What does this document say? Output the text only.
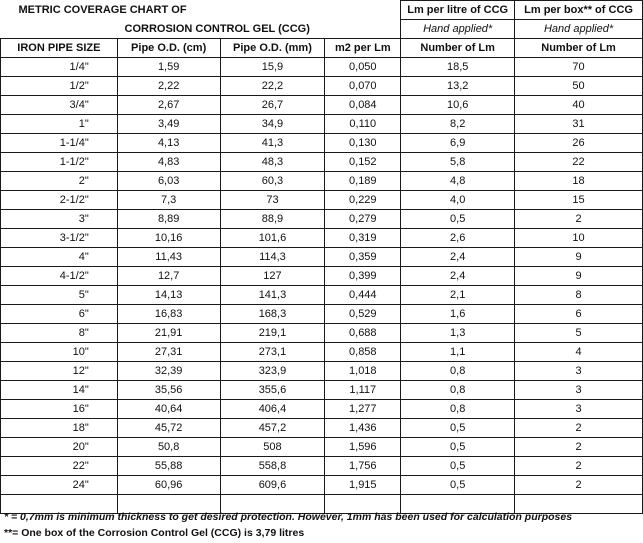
METRIC COVERAGE CHART OF				Lm per litre of CCG	Lm per box** of CCG
CORROSION CONTROL GEL (CCG)				Hand applied*	Hand applied*
IRON PIPE SIZE	Pipe O.D. (cm)	Pipe O.D. (mm)	m2 per Lm	Number of Lm	Number of Lm
1/4"	1,59	15,9	0,050	18,5	70
1/2"	2,22	22,2	0,070	13,2	50
3/4"	2,67	26,7	0,084	10,6	40
1"	3,49	34,9	0,110	8,2	31
1-1/4"	4,13	41,3	0,130	6,9	26
1-1/2"	4,83	48,3	0,152	5,8	22
2"	6,03	60,3	0,189	4,8	18
2-1/2"	7,3	73	0,229	4,0	15
3"	8,89	88,9	0,279	0,5	2
3-1/2"	10,16	101,6	0,319	2,6	10
4"	11,43	114,3	0,359	2,4	9
4-1/2"	12,7	127	0,399	2,4	9
5"	14,13	141,3	0,444	2,1	8
6"	16,83	168,3	0,529	1,6	6
8"	21,91	219,1	0,688	1,3	5
10"	27,31	273,1	0,858	1,1	4
12"	32,39	323,9	1,018	0,8	3
14"	35,56	355,6	1,117	0,8	3
16"	40,64	406,4	1,277	0,8	3
18"	45,72	457,2	1,436	0,5	2
20"	50,8	508	1,596	0,5	2
22"	55,88	558,8	1,756	0,5	2
24"	60,96	609,6	1,915	0,5	2

* = 0,7mm is minimum thickness to get desired protection. However, 1mm has been used for calculation purposes
**= One box of the Corrosion Control Gel (CCG) is 3,79 litres
